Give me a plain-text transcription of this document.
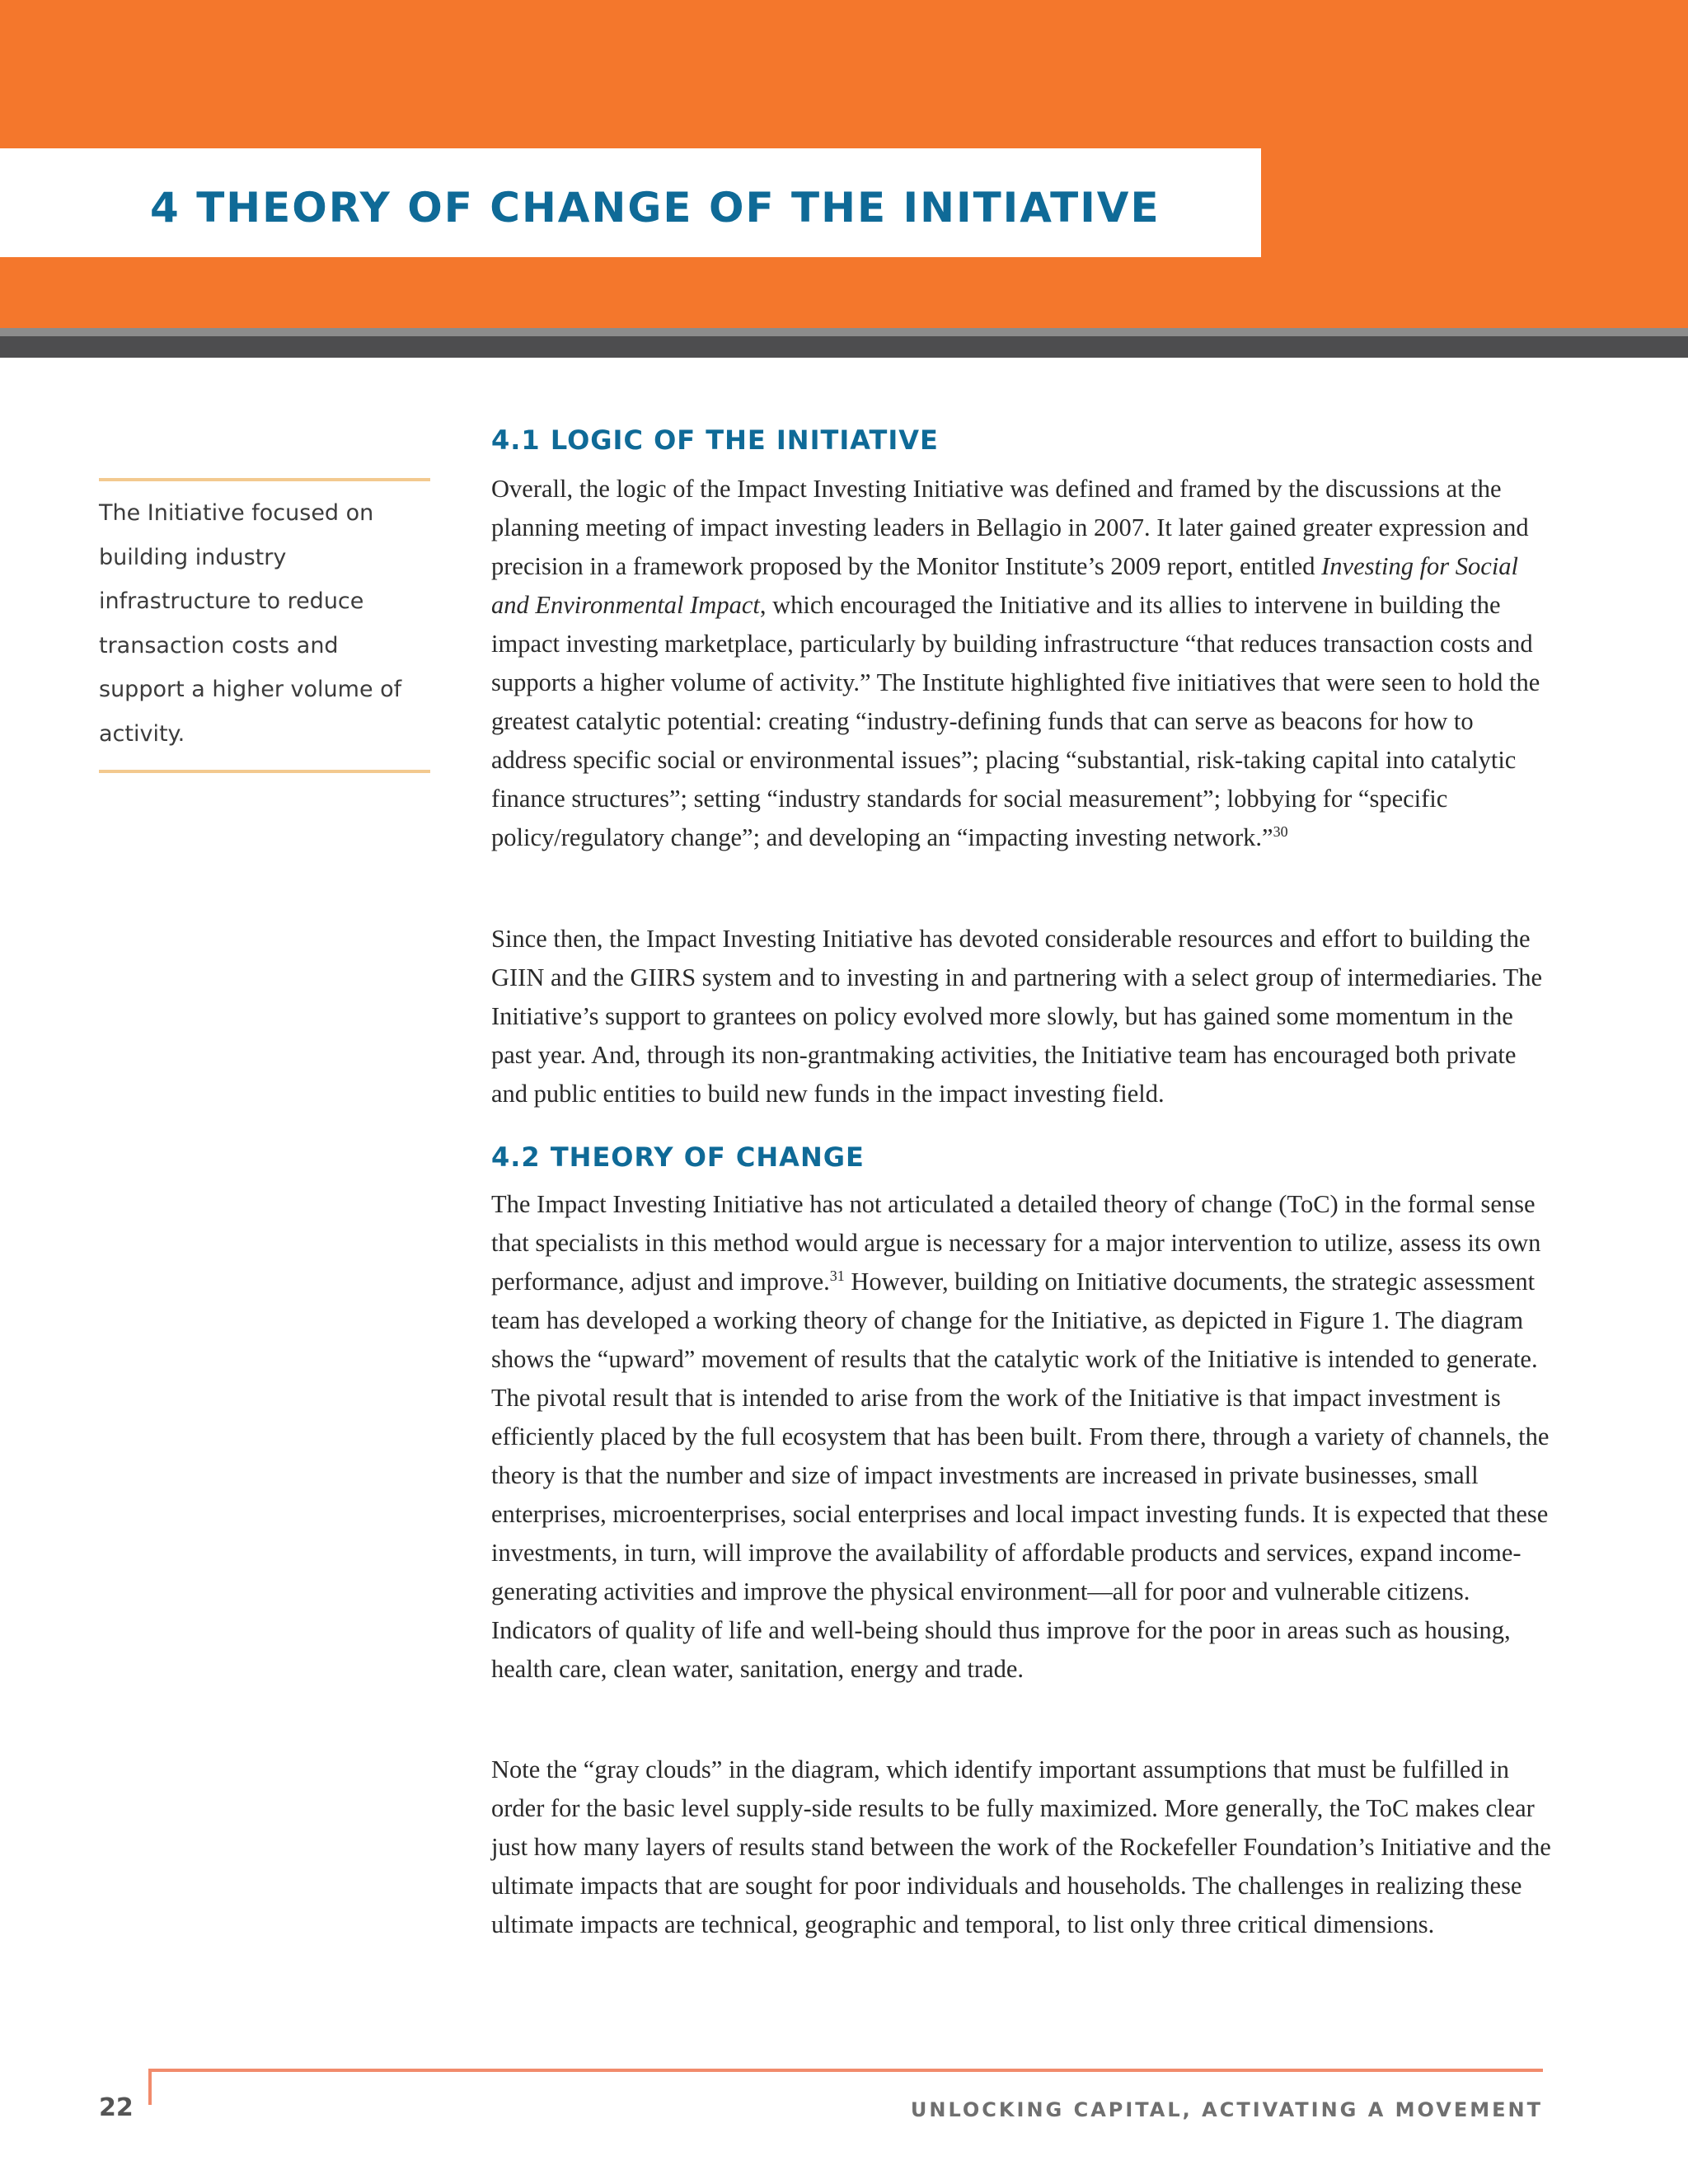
4 THEORY OF CHANGE OF THE INITIATIVE

The Initiative focused on building industry infrastructure to reduce transaction costs and support a higher volume of activity.

4.1 LOGIC OF THE INITIATIVE

Overall, the logic of the Impact Investing Initiative was defined and framed by the discussions at the planning meeting of impact investing leaders in Bellagio in 2007. It later gained greater expression and precision in a framework proposed by the Monitor Institute’s 2009 report, entitled Investing for Social and Environmental Impact, which encouraged the Initiative and its allies to intervene in building the impact investing marketplace, particularly by building infrastructure “that reduces transaction costs and supports a higher volume of activity.” The Institute highlighted five initiatives that were seen to hold the greatest catalytic potential: creating “industry-defining funds that can serve as beacons for how to address specific social or environmental issues”; placing “substantial, risk-taking capital into catalytic finance structures”; setting “industry standards for social measurement”; lobbying for “specific policy/regulatory change”; and developing an “impacting investing network.”$^{30}$

Since then, the Impact Investing Initiative has devoted considerable resources and effort to building the GIIN and the GIIRS system and to investing in and partnering with a select group of intermediaries. The Initiative’s support to grantees on policy evolved more slowly, but has gained some momentum in the past year. And, through its non-grantmaking activities, the Initiative team has encouraged both private and public entities to build new funds in the impact investing field.

4.2 THEORY OF CHANGE

The Impact Investing Initiative has not articulated a detailed theory of change (ToC) in the formal sense that specialists in this method would argue is necessary for a major intervention to utilize, assess its own performance, adjust and improve.$^{31}$ However, building on Initiative documents, the strategic assessment team has developed a working theory of change for the Initiative, as depicted in Figure 1. The diagram shows the “upward” movement of results that the catalytic work of the Initiative is intended to generate. The pivotal result that is intended to arise from the work of the Initiative is that impact investment is efficiently placed by the full ecosystem that has been built. From there, through a variety of channels, the theory is that the number and size of impact investments are increased in private businesses, small enterprises, microenterprises, social enterprises and local impact investing funds. It is expected that these investments, in turn, will improve the availability of affordable products and services, expand income-generating activities and improve the physical environment—all for poor and vulnerable citizens. Indicators of quality of life and well-being should thus improve for the poor in areas such as housing, health care, clean water, sanitation, energy and trade.

Note the “gray clouds” in the diagram, which identify important assumptions that must be fulfilled in order for the basic level supply-side results to be fully maximized. More generally, the ToC makes clear just how many layers of results stand between the work of the Rockefeller Foundation’s Initiative and the ultimate impacts that are sought for poor individuals and households. The challenges in realizing these ultimate impacts are technical, geographic and temporal, to list only three critical dimensions.

22	UNLOCKING CAPITAL, ACTIVATING A MOVEMENT
